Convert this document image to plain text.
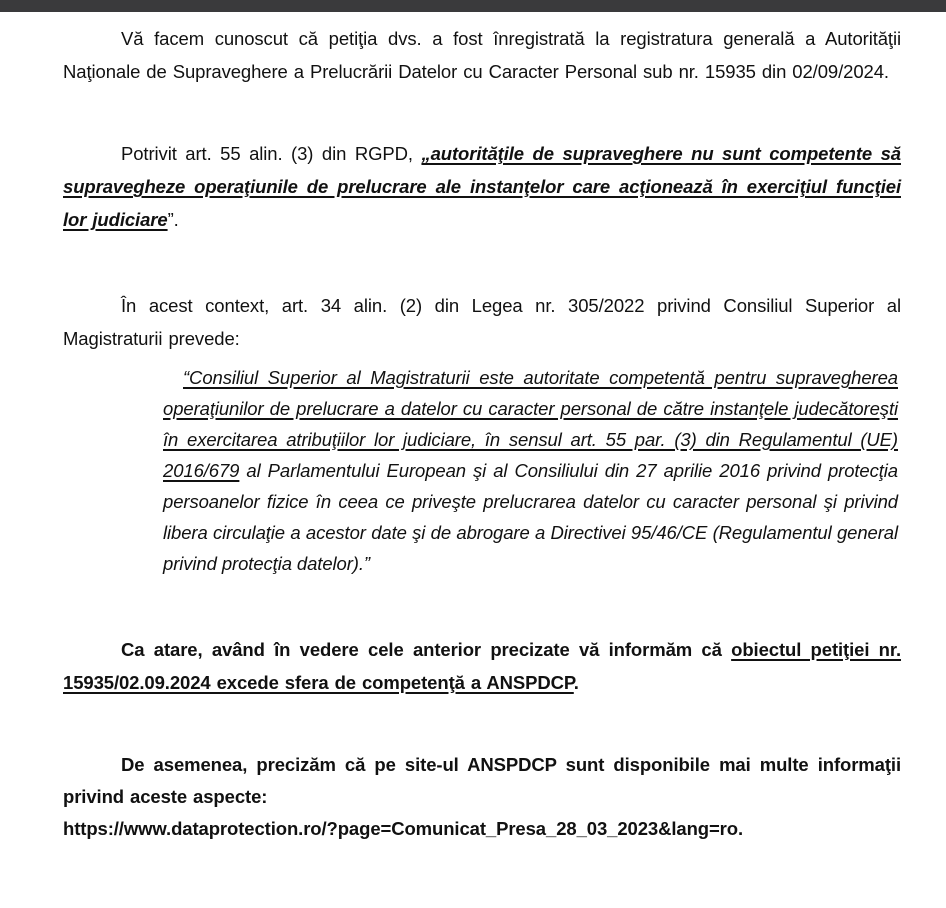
Vă facem cunoscut că petiţia dvs. a fost înregistrată la registratura generală a Autorităţii Naţionale de Supraveghere a Prelucrării Datelor cu Caracter Personal sub nr. 15935 din 02/09/2024.

Potrivit art. 55 alin. (3) din RGPD, „autorităţile de supraveghere nu sunt competente să supravegheze operaţiunile de prelucrare ale instanţelor care acţionează în exerciţiul funcţiei lor judiciare”.

În acest context, art. 34 alin. (2) din Legea nr. 305/2022 privind Consiliul Superior al Magistraturii prevede:

“Consiliul Superior al Magistraturii este autoritate competentă pentru supravegherea operaţiunilor de prelucrare a datelor cu caracter personal de către instanţele judecătoreşti în exercitarea atribuţiilor lor judiciare, în sensul art. 55 par. (3) din Regulamentul (UE) 2016/679 al Parlamentului European şi al Consiliului din 27 aprilie 2016 privind protecţia persoanelor fizice în ceea ce priveşte prelucrarea datelor cu caracter personal şi privind libera circulaţie a acestor date şi de abrogare a Directivei 95/46/CE (Regulamentul general privind protecţia datelor).”

Ca atare, având în vedere cele anterior precizate vă informăm că obiectul petiţiei nr. 15935/02.09.2024 excede sfera de competenţă a ANSPDCP.

De asemenea, precizăm că pe site-ul ANSPDCP sunt disponibile mai multe informaţii privind aceste aspecte:

https://www.dataprotection.ro/?page=Comunicat_Presa_28_03_2023&lang=ro.
